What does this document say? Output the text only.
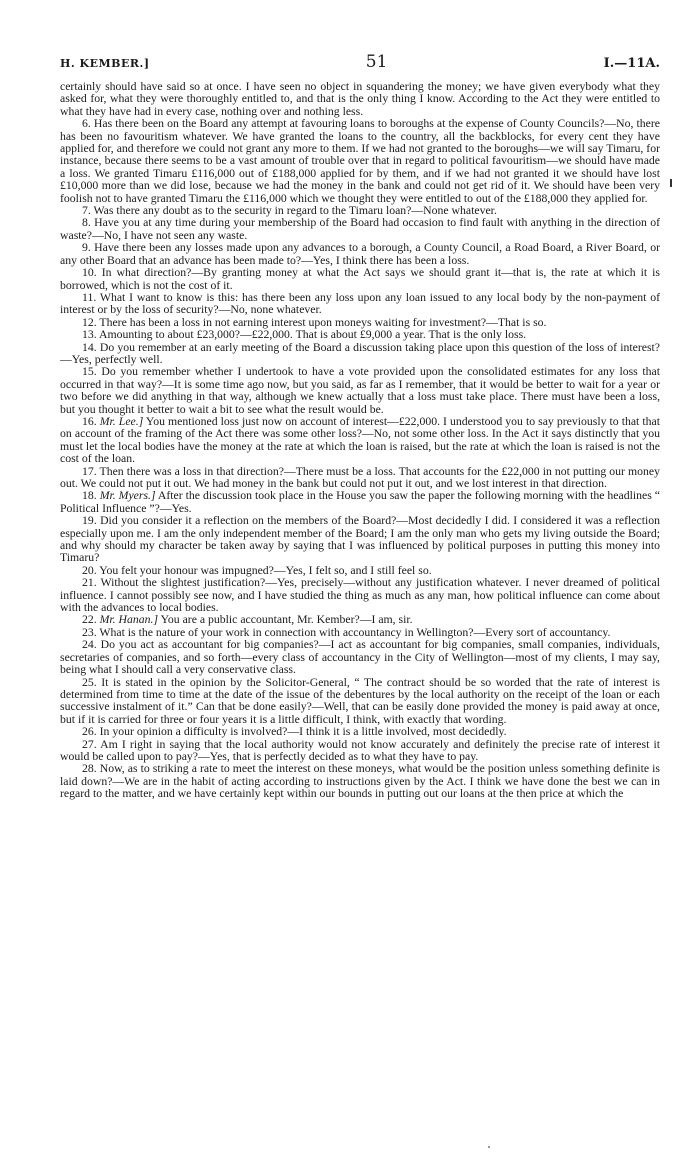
H. KEMBER.]	51	I.—11A.

certainly should have said so at once. I have seen no object in squandering the money; we have given everybody what they asked for, what they were thoroughly entitled to, and that is the only thing I know. According to the Act they were entitled to what they have had in every case, nothing over and nothing less.

6. Has there been on the Board any attempt at favouring loans to boroughs at the expense of County Councils?—No, there has been no favouritism whatever. We have granted the loans to the country, all the backblocks, for every cent they have applied for, and therefore we could not grant any more to them. If we had not granted to the boroughs—we will say Timaru, for instance, because there seems to be a vast amount of trouble over that in regard to political favouritism—we should have made a loss. We granted Timaru £116,000 out of £188,000 applied for by them, and if we had not granted it we should have lost £10,000 more than we did lose, because we had the money in the bank and could not get rid of it. We should have been very foolish not to have granted Timaru the £116,000 which we thought they were entitled to out of the £188,000 they applied for.

7. Was there any doubt as to the security in regard to the Timaru loan?—None whatever.

8. Have you at any time during your membership of the Board had occasion to find fault with anything in the direction of waste?—No, I have not seen any waste.

9. Have there been any losses made upon any advances to a borough, a County Council, a Road Board, a River Board, or any other Board that an advance has been made to?—Yes, I think there has been a loss.

10. In what direction?—By granting money at what the Act says we should grant it—that is, the rate at which it is borrowed, which is not the cost of it.

11. What I want to know is this: has there been any loss upon any loan issued to any local body by the non-payment of interest or by the loss of security?—No, none whatever.

12. There has been a loss in not earning interest upon moneys waiting for investment?—That is so.

13. Amounting to about £23,000?—£22,000. That is about £9,000 a year. That is the only loss.

14. Do you remember at an early meeting of the Board a discussion taking place upon this question of the loss of interest?—Yes, perfectly well.

15. Do you remember whether I undertook to have a vote provided upon the consolidated estimates for any loss that occurred in that way?—It is some time ago now, but you said, as far as I remember, that it would be better to wait for a year or two before we did anything in that way, although we knew actually that a loss must take place. There must have been a loss, but you thought it better to wait a bit to see what the result would be.

16. Mr. Lee.] You mentioned loss just now on account of interest—£22,000. I understood you to say previously to that that on account of the framing of the Act there was some other loss?—No, not some other loss. In the Act it says distinctly that you must let the local bodies have the money at the rate at which the loan is raised, but the rate at which the loan is raised is not the cost of the loan.

17. Then there was a loss in that direction?—There must be a loss. That accounts for the £22,000 in not putting our money out. We could not put it out. We had money in the bank but could not put it out, and we lost interest in that direction.

18. Mr. Myers.] After the discussion took place in the House you saw the paper the following morning with the headlines “ Political Influence ”?—Yes.

19. Did you consider it a reflection on the members of the Board?—Most decidedly I did. I considered it was a reflection especially upon me. I am the only independent member of the Board; I am the only man who gets my living outside the Board; and why should my character be taken away by saying that I was influenced by political purposes in putting this money into Timaru?

20. You felt your honour was impugned?—Yes, I felt so, and I still feel so.

21. Without the slightest justification?—Yes, precisely—without any justification whatever. I never dreamed of political influence. I cannot possibly see now, and I have studied the thing as much as any man, how political influence can come about with the advances to local bodies.

22. Mr. Hanan.] You are a public accountant, Mr. Kember?—I am, sir.

23. What is the nature of your work in connection with accountancy in Wellington?—Every sort of accountancy.

24. Do you act as accountant for big companies?—I act as accountant for big companies, small companies, individuals, secretaries of companies, and so forth—every class of accountancy in the City of Wellington—most of my clients, I may say, being what I should call a very conservative class.

25. It is stated in the opinion by the Solicitor-General, “ The contract should be so worded that the rate of interest is determined from time to time at the date of the issue of the debentures by the local authority on the receipt of the loan or each successive instalment of it.” Can that be done easily?—Well, that can be easily done provided the money is paid away at once, but if it is carried for three or four years it is a little difficult, I think, with exactly that wording.

26. In your opinion a difficulty is involved?—I think it is a little involved, most decidedly.

27. Am I right in saying that the local authority would not know accurately and definitely the precise rate of interest it would be called upon to pay?—Yes, that is perfectly decided as to what they have to pay.

28. Now, as to striking a rate to meet the interest on these moneys, what would be the position unless something definite is laid down?—We are in the habit of acting according to instructions given by the Act. I think we have done the best we can in regard to the matter, and we have certainly kept within our bounds in putting out our loans at the then price at which the
